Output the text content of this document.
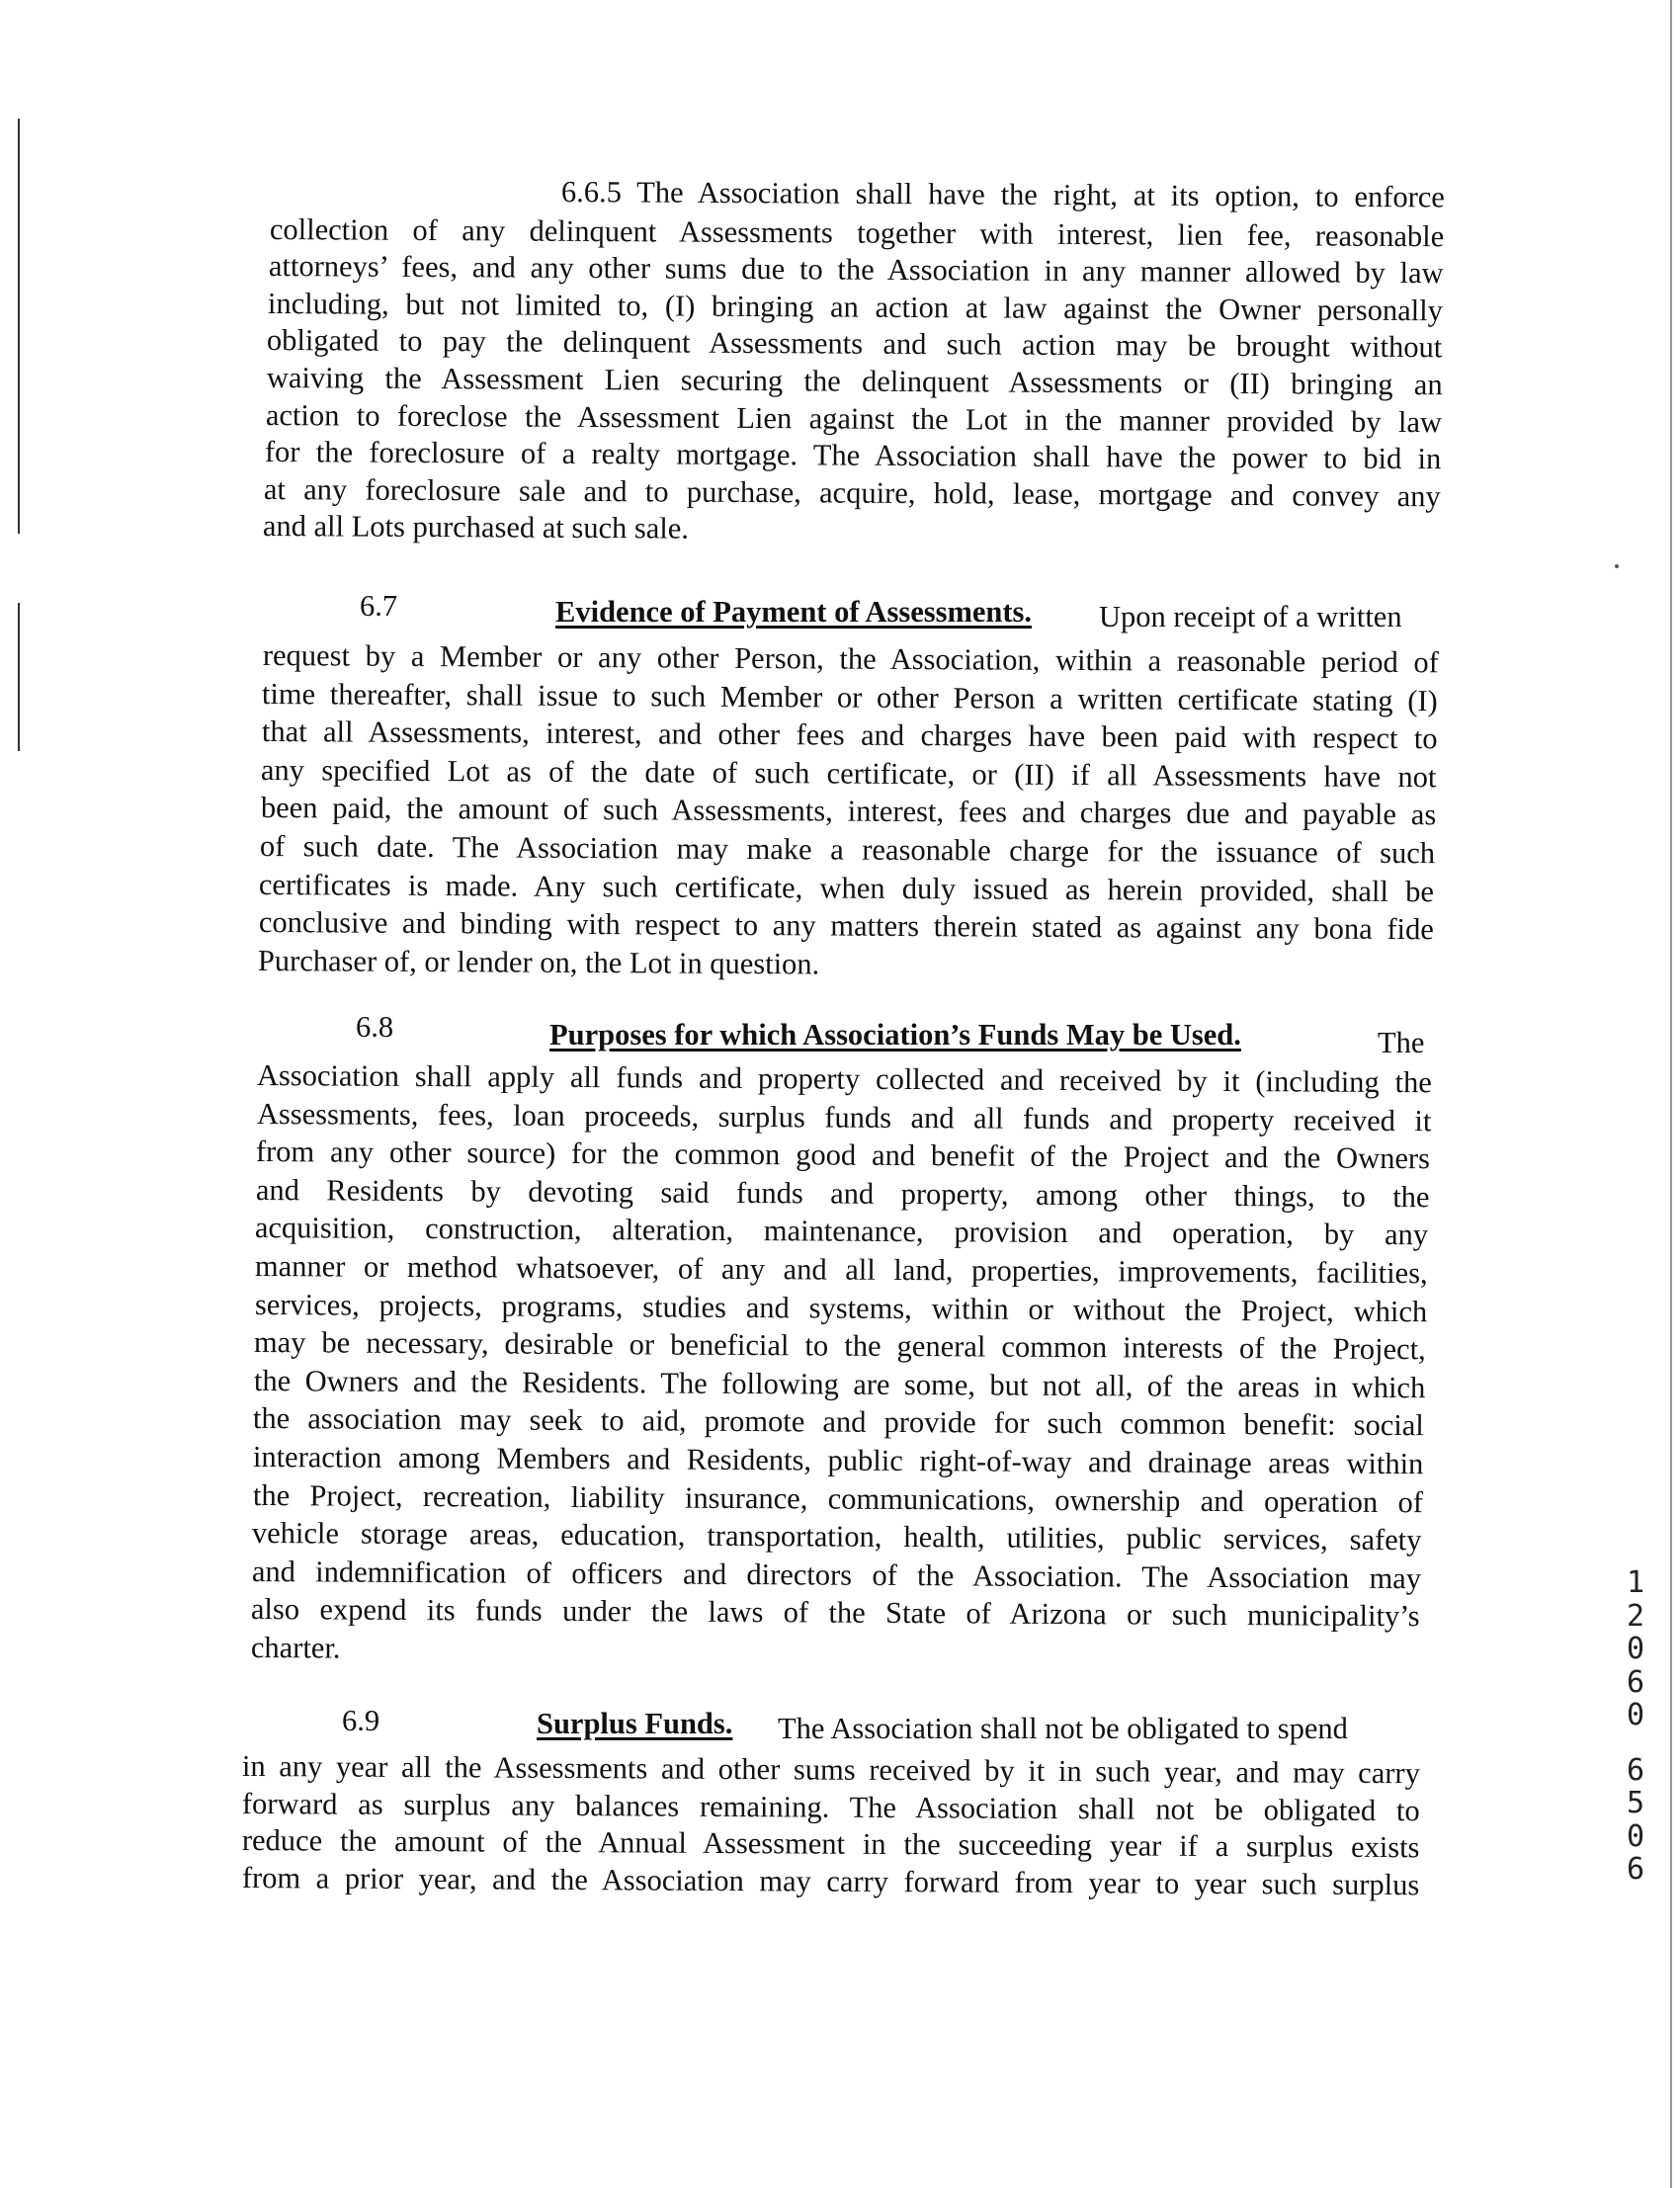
6.6.5 The Association shall have the right, at its option, to enforce
collection of any delinquent Assessments together with interest, lien fee, reasonable
attorneys’ fees, and any other sums due to the Association in any manner allowed by law
including, but not limited to, (I) bringing an action at law against the Owner personally
obligated to pay the delinquent Assessments and such action may be brought without
waiving the Assessment Lien securing the delinquent Assessments or (II) bringing an
action to foreclose the Assessment Lien against the Lot in the manner provided by law
for the foreclosure of a realty mortgage. The Association shall have the power to bid in
at any foreclosure sale and to purchase, acquire, hold, lease, mortgage and convey any
and all Lots purchased at such sale.
6.7	Evidence of Payment of Assessments. Upon receipt of a written
request by a Member or any other Person, the Association, within a reasonable period of
time thereafter, shall issue to such Member or other Person a written certificate stating (I)
that all Assessments, interest, and other fees and charges have been paid with respect to
any specified Lot as of the date of such certificate, or (II) if all Assessments have not
been paid, the amount of such Assessments, interest, fees and charges due and payable as
of such date. The Association may make a reasonable charge for the issuance of such
certificates is made. Any such certificate, when duly issued as herein provided, shall be
conclusive and binding with respect to any matters therein stated as against any bona fide
Purchaser of, or lender on, the Lot in question.
6.8	Purposes for which Association’s Funds May be Used.	The
Association shall apply all funds and property collected and received by it (including the
Assessments, fees, loan proceeds, surplus funds and all funds and property received it
from any other source) for the common good and benefit of the Project and the Owners
and Residents by devoting said funds and property, among other things, to the
acquisition, construction, alteration, maintenance, provision and operation, by any
manner or method whatsoever, of any and all land, properties, improvements, facilities,
services, projects, programs, studies and systems, within or without the Project, which
may be necessary, desirable or beneficial to the general common interests of the Project,
the Owners and the Residents. The following are some, but not all, of the areas in which
the association may seek to aid, promote and provide for such common benefit: social
interaction among Members and Residents, public right-of-way and drainage areas within
the Project, recreation, liability insurance, communications, ownership and operation of
vehicle storage areas, education, transportation, health, utilities, public services, safety
and indemnification of officers and directors of the Association. The Association may
also expend its funds under the laws of the State of Arizona or such municipality’s
charter.
6.9	Surplus Funds. The Association shall not be obligated to spend
in any year all the Assessments and other sums received by it in such year, and may carry
forward as surplus any balances remaining. The Association shall not be obligated to
reduce the amount of the Annual Assessment in the succeeding year if a surplus exists
from a prior year, and the Association may carry forward from year to year such surplus
1
2
0
6
0
6
5
0
6
